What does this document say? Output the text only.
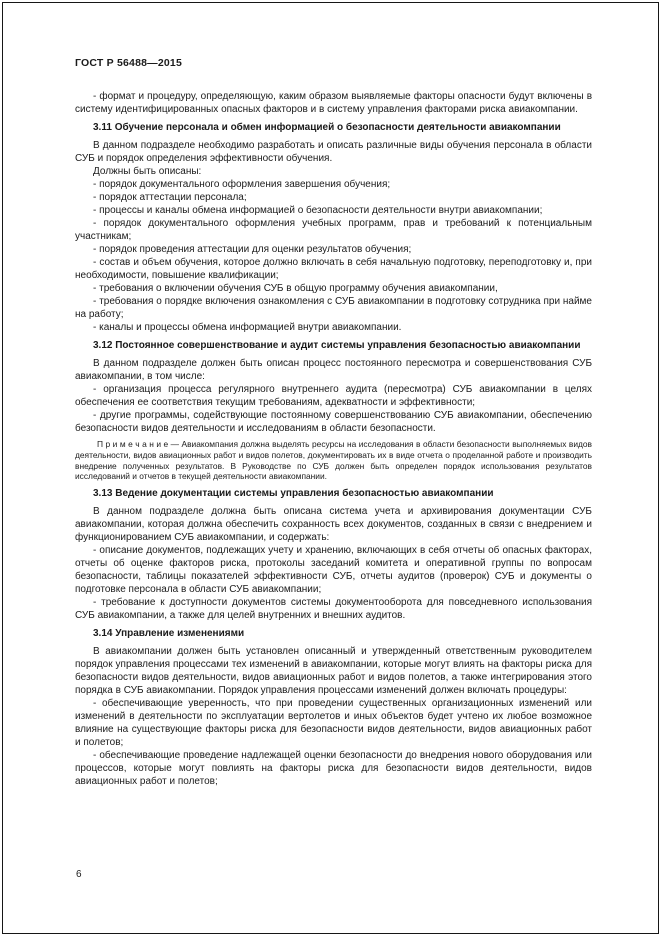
ГОСТ Р 56488—2015
- формат и процедуру, определяющую, каким образом выявляемые факторы опасности будут включены в систему идентифицированных опасных факторов и в систему управления факторами риска авиакомпании.
3.11 Обучение персонала и обмен информацией о безопасности деятельности авиакомпании
В данном подразделе необходимо разработать и описать различные виды обучения персонала в области СУБ и порядок определения эффективности обучения.
Должны быть описаны:
- порядок документального оформления завершения обучения;
- порядок аттестации персонала;
- процессы и каналы обмена информацией о безопасности деятельности внутри авиакомпании;
- порядок документального оформления учебных программ, прав и требований к потенциальным участникам;
- порядок проведения аттестации для оценки результатов обучения;
- состав и объем обучения, которое должно включать в себя начальную подготовку, переподготовку и, при необходимости, повышение квалификации;
- требования о включении обучения СУБ в общую программу обучения авиакомпании,
- требования о порядке включения ознакомления с СУБ авиакомпании в подготовку сотрудника при найме на работу;
- каналы и процессы обмена информацией внутри авиакомпании.
3.12 Постоянное совершенствование и аудит системы управления безопасностью авиакомпании
В данном подразделе должен быть описан процесс постоянного пересмотра и совершенствования СУБ авиакомпании, в том числе:
- организация процесса регулярного внутреннего аудита (пересмотра) СУБ авиакомпании в целях обеспечения ее соответствия текущим требованиям, адекватности и эффективности;
- другие программы, содействующие постоянному совершенствованию СУБ авиакомпании, обеспечению безопасности видов деятельности и исследованиям в области безопасности.
П р и м е ч а н и е — Авиакомпания должна выделять ресурсы на исследования в области безопасности выполняемых видов деятельности, видов авиационных работ и видов полетов, документировать их в виде отчета о проделанной работе и производить внедрение полученных результатов. В Руководстве по СУБ должен быть определен порядок использования результатов исследований и отчетов в текущей деятельности авиакомпании.
3.13 Ведение документации системы управления безопасностью авиакомпании
В данном подразделе должна быть описана система учета и архивирования документации СУБ авиакомпании, которая должна обеспечить сохранность всех документов, созданных в связи с внедрением и функционированием СУБ авиакомпании, и содержать:
- описание документов, подлежащих учету и хранению, включающих в себя отчеты об опасных факторах, отчеты об оценке факторов риска, протоколы заседаний комитета и оперативной группы по вопросам безопасности, таблицы показателей эффективности СУБ, отчеты аудитов (проверок) СУБ и документы о подготовке персонала в области СУБ авиакомпании;
- требование к доступности документов системы документооборота для повседневного использования СУБ авиакомпании, а также для целей внутренних и внешних аудитов.
3.14 Управление изменениями
В авиакомпании должен быть установлен описанный и утвержденный ответственным руководителем порядок управления процессами тех изменений в авиакомпании, которые могут влиять на факторы риска для безопасности видов деятельности, видов авиационных работ и видов полетов, а также интегрирования этого порядка в СУБ авиакомпании. Порядок управления процессами изменений должен включать процедуры:
- обеспечивающие уверенность, что при проведении существенных организационных изменений или изменений в деятельности по эксплуатации вертолетов и иных объектов будет учтено их любое возможное влияние на существующие факторы риска для безопасности видов деятельности, видов авиационных работ и полетов;
- обеспечивающие проведение надлежащей оценки безопасности до внедрения нового оборудования или процессов, которые могут повлиять на факторы риска для безопасности видов деятельности, видов авиационных работ и полетов;
6
